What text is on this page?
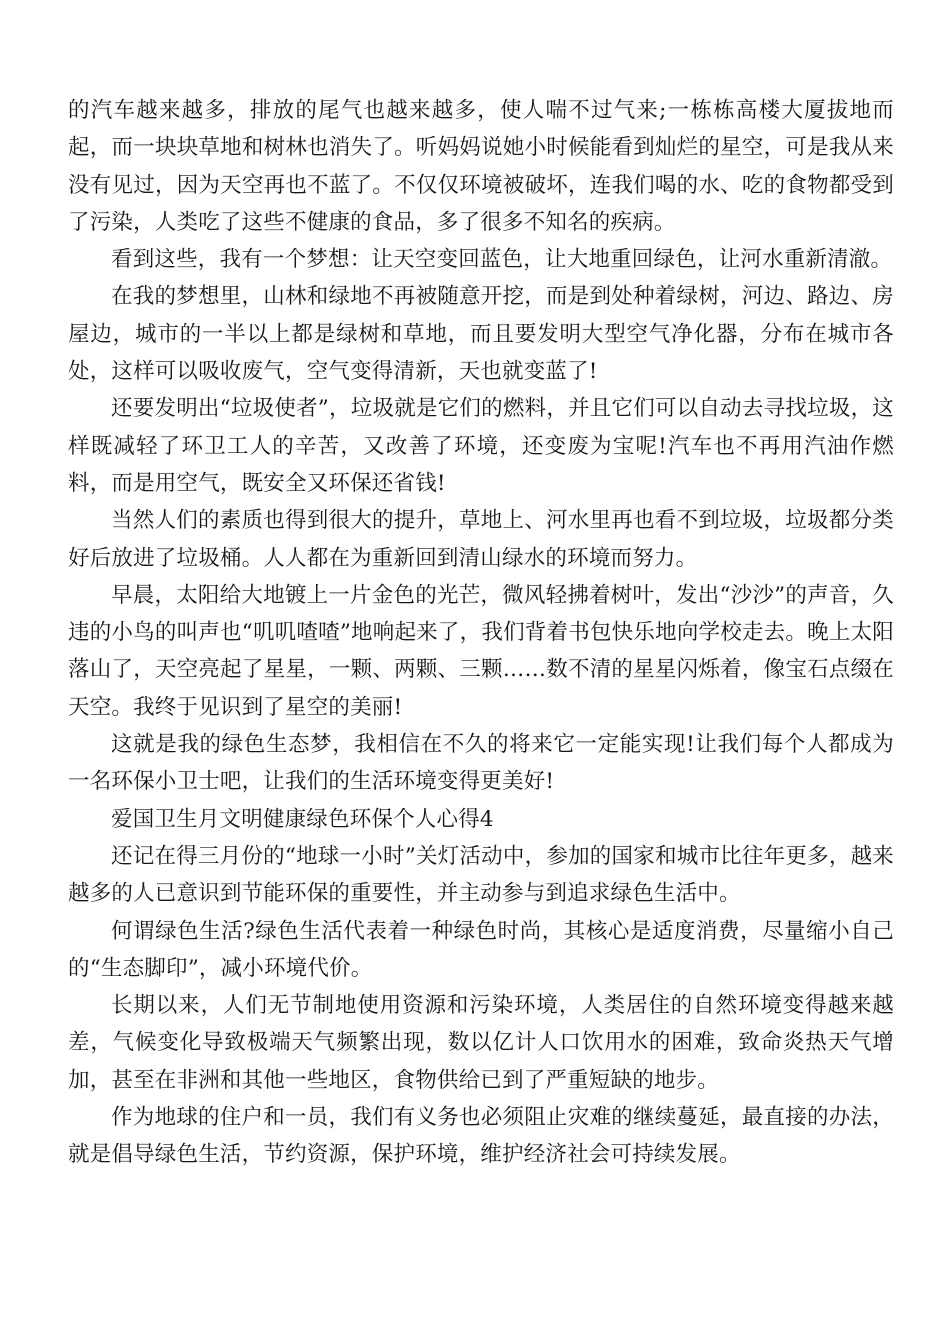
的汽车越来越多，排放的尾气也越来越多，使人喘不过气来;一栋栋高楼大厦拔地而起，而一块块草地和树林也消失了。听妈妈说她小时候能看到灿烂的星空，可是我从来没有见过，因为天空再也不蓝了。不仅仅环境被破坏，连我们喝的水、吃的食物都受到了污染，人类吃了这些不健康的食品，多了很多不知名的疾病。

看到这些，我有一个梦想：让天空变回蓝色，让大地重回绿色，让河水重新清澈。

在我的梦想里，山林和绿地不再被随意开挖，而是到处种着绿树，河边、路边、房屋边，城市的一半以上都是绿树和草地，而且要发明大型空气净化器，分布在城市各处，这样可以吸收废气，空气变得清新，天也就变蓝了!

还要发明出“垃圾使者”，垃圾就是它们的燃料，并且它们可以自动去寻找垃圾，这样既减轻了环卫工人的辛苦，又改善了环境，还变废为宝呢!汽车也不再用汽油作燃料，而是用空气，既安全又环保还省钱!

当然人们的素质也得到很大的提升，草地上、河水里再也看不到垃圾，垃圾都分类好后放进了垃圾桶。人人都在为重新回到清山绿水的环境而努力。

早晨，太阳给大地镀上一片金色的光芒，微风轻拂着树叶，发出“沙沙”的声音，久违的小鸟的叫声也“叽叽喳喳”地响起来了，我们背着书包快乐地向学校走去。晚上太阳落山了，天空亮起了星星，一颗、两颗、三颗……数不清的星星闪烁着，像宝石点缀在天空。我终于见识到了星空的美丽!

这就是我的绿色生态梦，我相信在不久的将来它一定能实现!让我们每个人都成为一名环保小卫士吧，让我们的生活环境变得更美好!

爱国卫生月文明健康绿色环保个人心得4

还记在得三月份的“地球一小时”关灯活动中，参加的国家和城市比往年更多，越来越多的人已意识到节能环保的重要性，并主动参与到追求绿色生活中。

何谓绿色生活?绿色生活代表着一种绿色时尚，其核心是适度消费，尽量缩小自己的“生态脚印”，减小环境代价。

长期以来，人们无节制地使用资源和污染环境，人类居住的自然环境变得越来越差，气候变化导致极端天气频繁出现，数以亿计人口饮用水的困难，致命炎热天气增加，甚至在非洲和其他一些地区，食物供给已到了严重短缺的地步。

作为地球的住户和一员，我们有义务也必须阻止灾难的继续蔓延，最直接的办法，就是倡导绿色生活，节约资源，保护环境，维护经济社会可持续发展。
